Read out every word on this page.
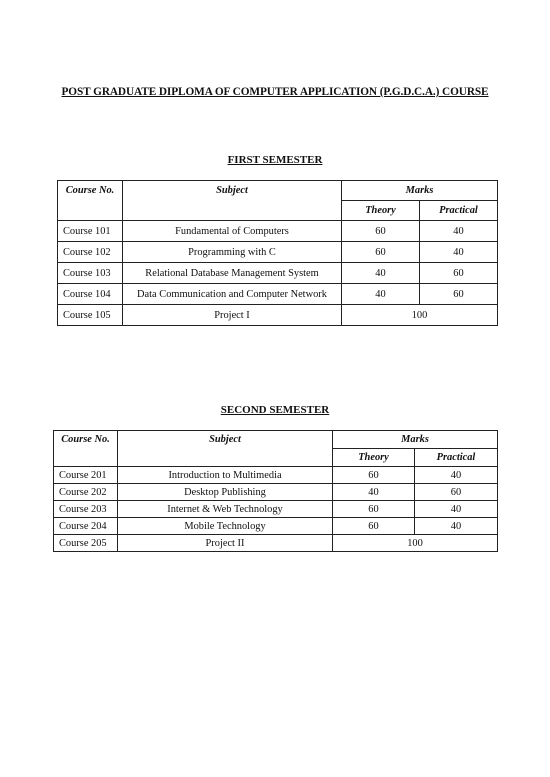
POST GRADUATE DIPLOMA OF COMPUTER APPLICATION (P.G.D.C.A.) COURSE
FIRST SEMESTER
Course No.	Subject	Marks	
		Theory	Practical
Course 101	Fundamental of Computers	60	40
Course 102	Programming with C	60	40
Course 103	Relational Database Management System	40	60
Course 104	Data Communication and Computer Network	40	60
Course 105	Project I	100	
SECOND SEMESTER
Course No.	Subject	Marks	
		Theory	Practical
Course 201	Introduction to Multimedia	60	40
Course 202	Desktop Publishing	40	60
Course 203	Internet & Web Technology	60	40
Course 204	Mobile Technology	60	40
Course 205	Project II	100	
